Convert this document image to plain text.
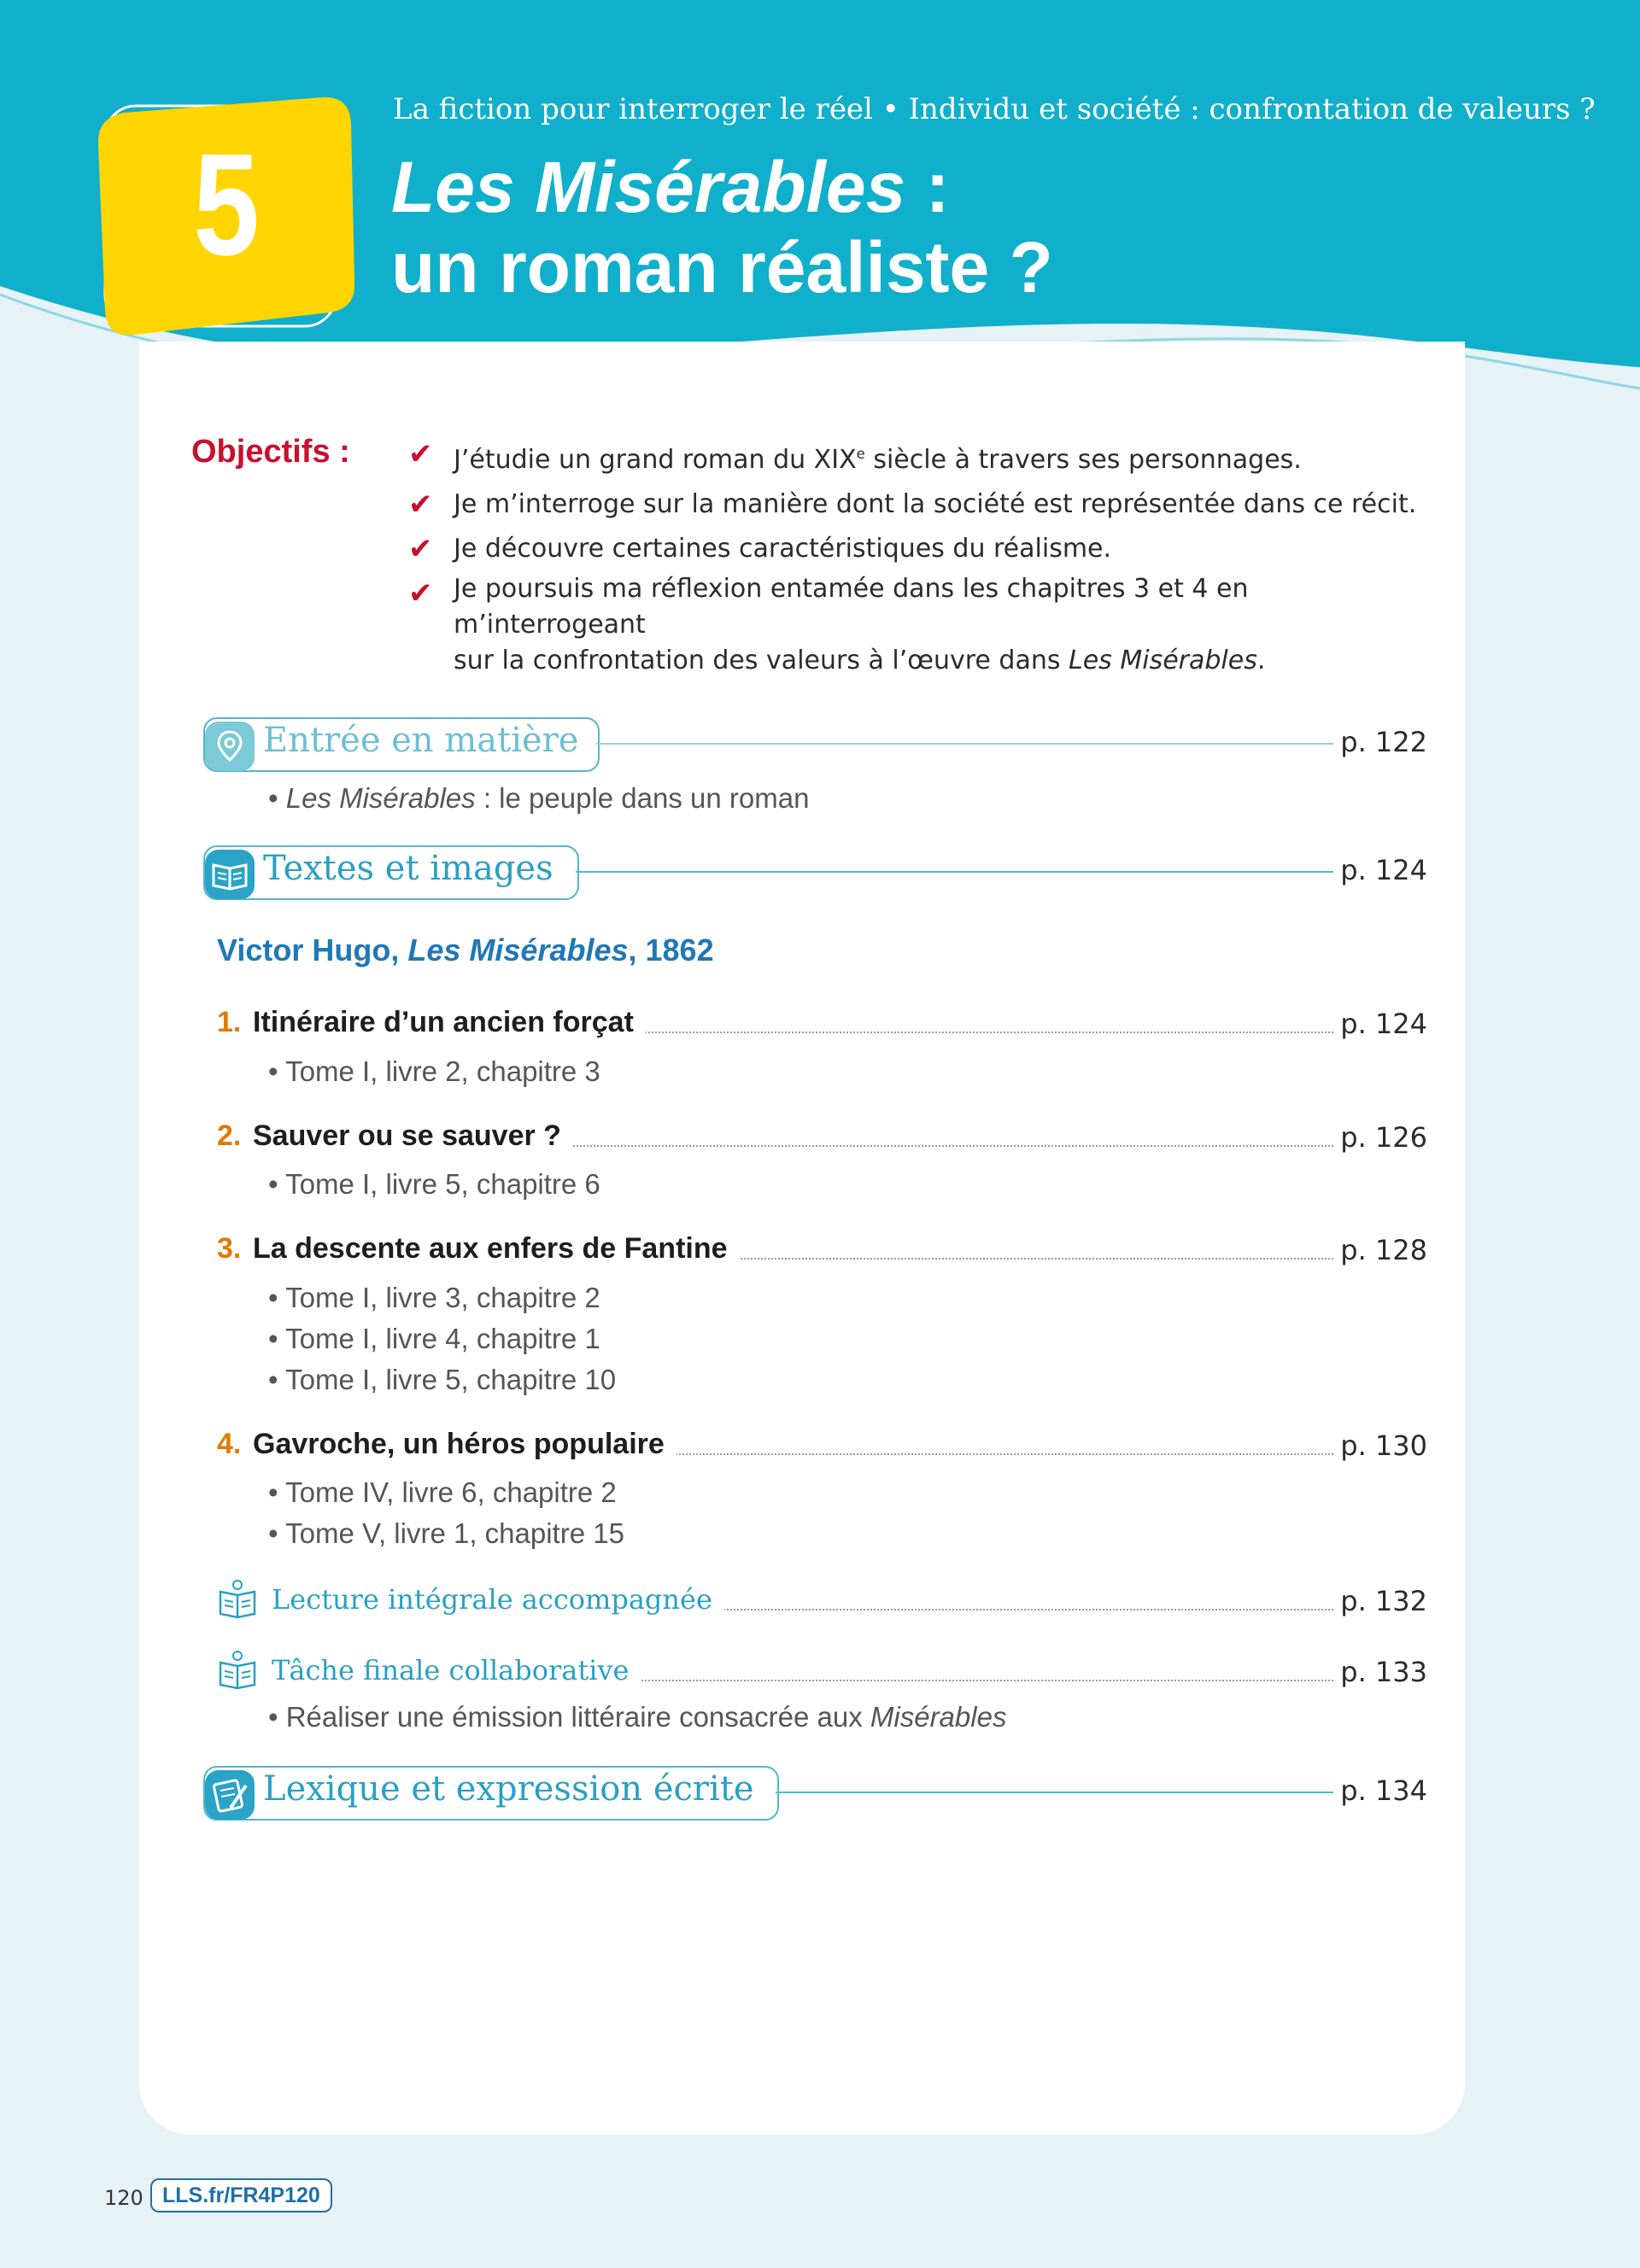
5
La fiction pour interroger le réel • Individu et société : confrontation de valeurs ?
Les Misérables :
un roman réaliste ?
Objectifs : ✔ J’étudie un grand roman du XIXe siècle à travers ses personnages.
✔ Je m’interroge sur la manière dont la société est représentée dans ce récit.
✔ Je découvre certaines caractéristiques du réalisme.
✔ Je poursuis ma réflexion entamée dans les chapitres 3 et 4 en m’interrogeant
sur la confrontation des valeurs à l’œuvre dans Les Misérables.
Entrée en matière	p. 122
• Les Misérables : le peuple dans un roman
Textes et images	p. 124
Victor Hugo, Les Misérables, 1862
1. Itinéraire d’un ancien forçat	p. 124
• Tome I, livre 2, chapitre 3
2. Sauver ou se sauver ?	p. 126
• Tome I, livre 5, chapitre 6
3. La descente aux enfers de Fantine	p. 128
• Tome I, livre 3, chapitre 2
• Tome I, livre 4, chapitre 1
• Tome I, livre 5, chapitre 10
4. Gavroche, un héros populaire	p. 130
• Tome IV, livre 6, chapitre 2
• Tome V, livre 1, chapitre 15
Lecture intégrale accompagnée	p. 132
Tâche finale collaborative	p. 133
• Réaliser une émission littéraire consacrée aux Misérables
Lexique et expression écrite	p. 134
120 LLS.fr/FR4P120
